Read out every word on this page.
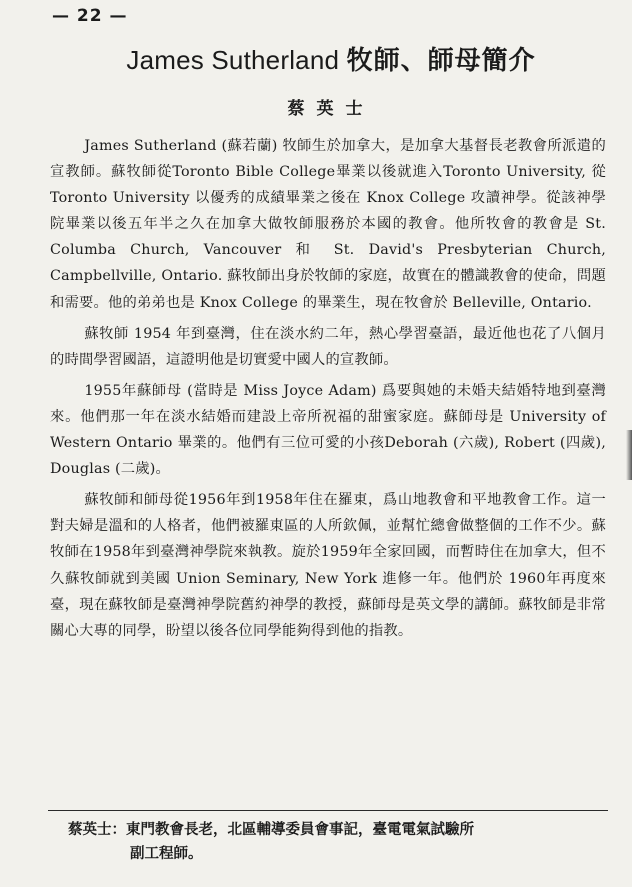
— 22 —

James Sutherland 牧師、師母簡介

蔡英士

James Sutherland (蘇若蘭) 牧師生於加拿大，是加拿大基督長老教會所派遣的宣教師。蘇牧師從Toronto Bible College畢業以後就進入Toronto University, 從 Toronto University 以優秀的成績畢業之後在 Knox College 攻讀神學。從該神學院畢業以後五年半之久在加拿大做牧師服務於本國的教會。他所牧會的教會是 St. Columba Church, Vancouver 和 St. David's Presbyterian Church, Campbellville, Ontario. 蘇牧師出身於牧師的家庭，故實在的體識教會的使命，問題和需要。他的弟弟也是 Knox College 的畢業生，現在牧會於 Belleville, Ontario.

蘇牧師 1954 年到臺灣，住在淡水約二年，熱心學習臺語，最近他也花了八個月的時間學習國語，這證明他是切實愛中國人的宣教師。

1955年蘇師母 (當時是 Miss Joyce Adam) 爲要與她的未婚夫結婚特地到臺灣來。他們那一年在淡水結婚而建設上帝所祝福的甜蜜家庭。蘇師母是 University of Western Ontario 畢業的。他們有三位可愛的小孩Deborah (六歲), Robert (四歲), Douglas (二歲)。

蘇牧師和師母從1956年到1958年住在羅東，爲山地教會和平地教會工作。這一對夫婦是溫和的人格者，他們被羅東區的人所欽佩，並幫忙總會做整個的工作不少。蘇牧師在1958年到臺灣神學院來執教。旋於1959年全家回國，而暫時住在加拿大，但不久蘇牧師就到美國 Union Seminary, New York 進修一年。他們於 1960年再度來臺，現在蘇牧師是臺灣神學院舊約神學的教授，蘇師母是英文學的講師。蘇牧師是非常關心大專的同學，盼望以後各位同學能夠得到他的指教。

蔡英士：東門教會長老，北區輔導委員會事記，臺電電氣試驗所
副工程師。
